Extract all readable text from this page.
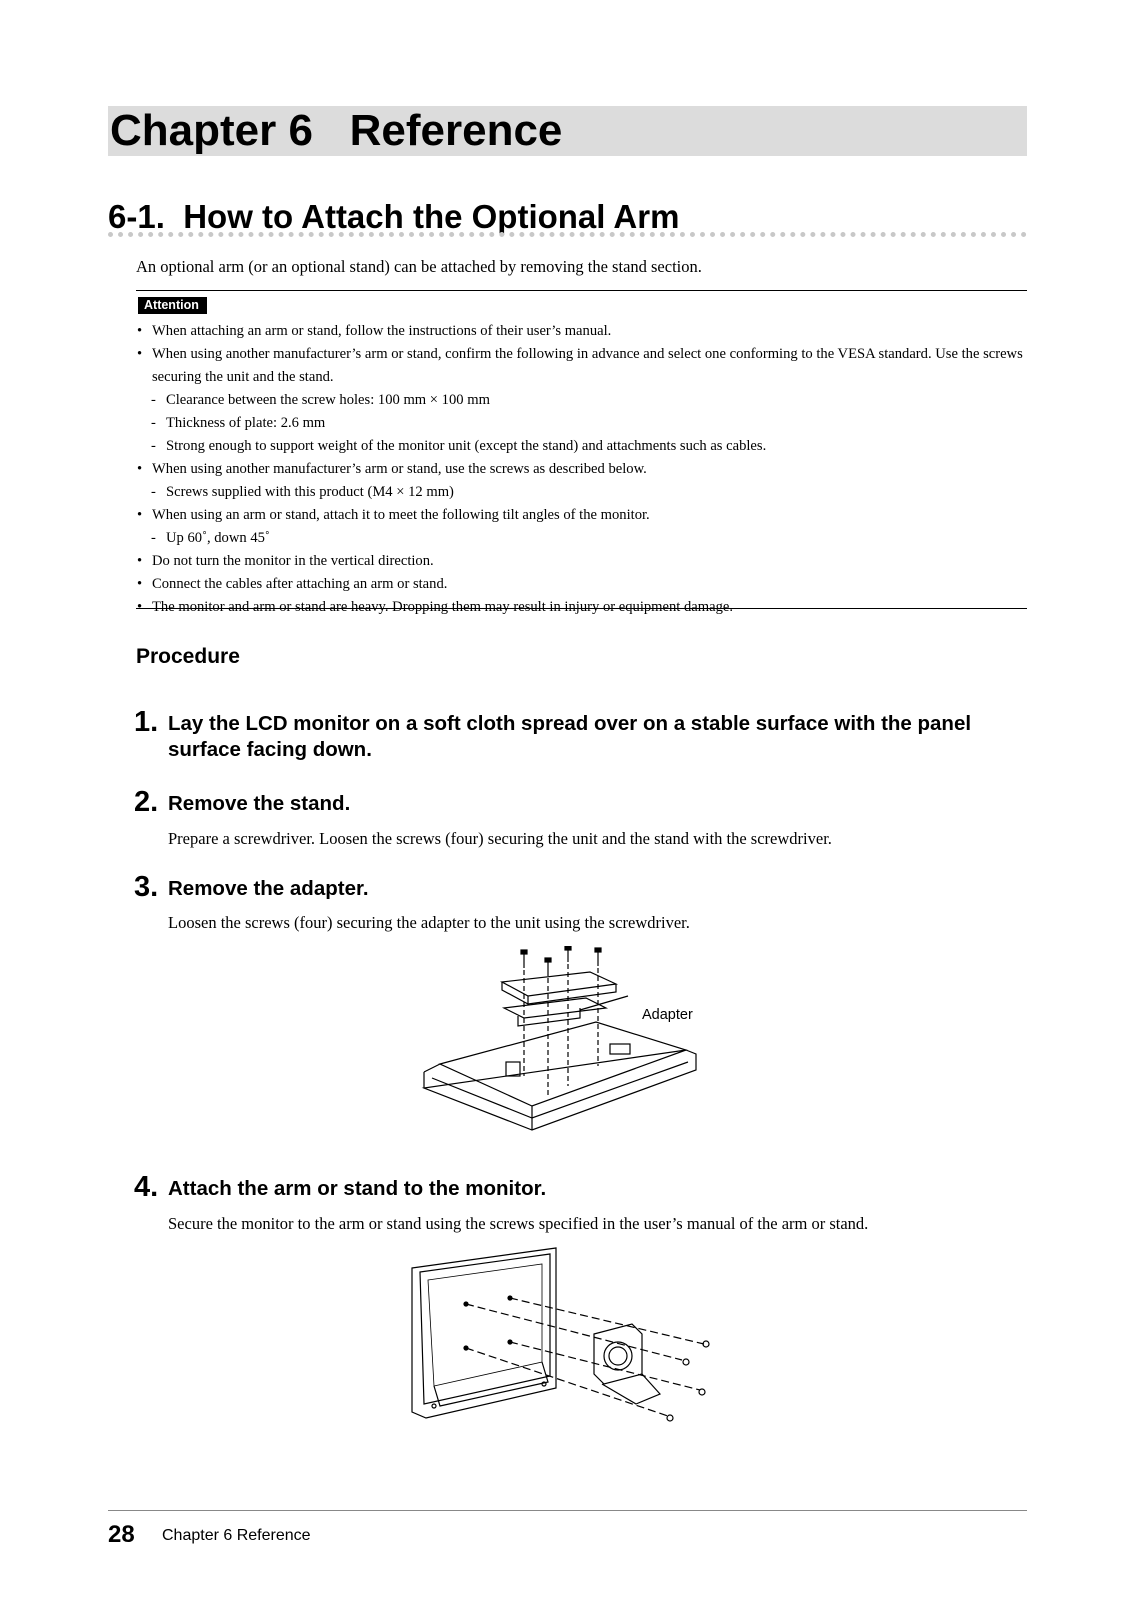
Chapter 6   Reference
6-1.  How to Attach the Optional Arm
An optional arm (or an optional stand) can be attached by removing the stand section.
Attention
• When attaching an arm or stand, follow the instructions of their user’s manual.
• When using another manufacturer’s arm or stand, confirm the following in advance and select one conforming to the VESA standard. Use the screws securing the unit and the stand.
- Clearance between the screw holes: 100 mm × 100 mm
- Thickness of plate: 2.6 mm
- Strong enough to support weight of the monitor unit (except the stand) and attachments such as cables.
• When using another manufacturer’s arm or stand, use the screws as described below.
- Screws supplied with this product (M4 × 12 mm)
• When using an arm or stand, attach it to meet the following tilt angles of the monitor.
- Up 60˚, down 45˚
• Do not turn the monitor in the vertical direction.
• Connect the cables after attaching an arm or stand.
• The monitor and arm or stand are heavy. Dropping them may result in injury or equipment damage.
Procedure
1. Lay the LCD monitor on a soft cloth spread over on a stable surface with the panel surface facing down.
2. Remove the stand.
Prepare a screwdriver. Loosen the screws (four) securing the unit and the stand with the screwdriver.
3. Remove the adapter.
Loosen the screws (four) securing the adapter to the unit using the screwdriver.
Adapter
4. Attach the arm or stand to the monitor.
Secure the monitor to the arm or stand using the screws specified in the user’s manual of the arm or stand.
28 Chapter 6 Reference
